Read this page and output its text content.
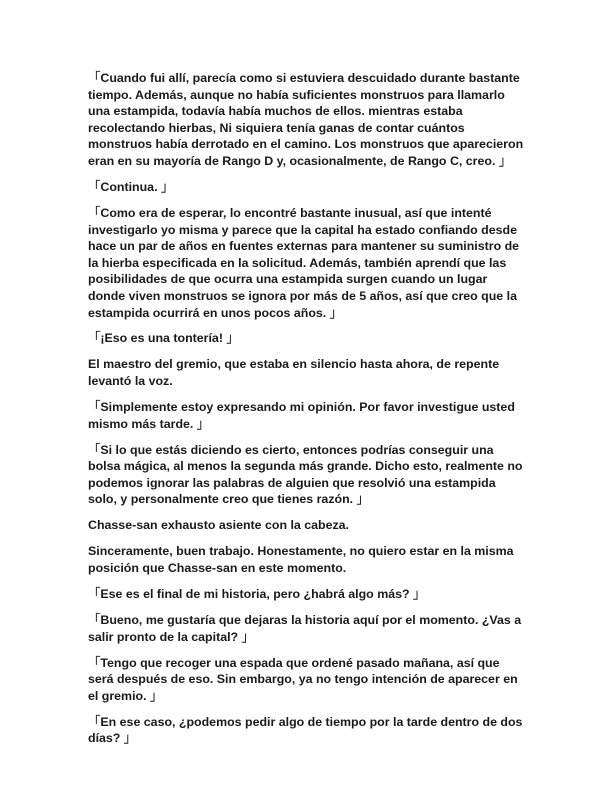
「Cuando fui allí, parecía como si estuviera descuidado durante bastante tiempo. Además, aunque no había suficientes monstruos para llamarlo una estampida, todavía había muchos de ellos. mientras estaba recolectando hierbas, Ni siquiera tenía ganas de contar cuántos monstruos había derrotado en el camino. Los monstruos que aparecieron eran en su mayoría de Rango D y, ocasionalmente, de Rango C, creo. 」

「Continua. 」

「Como era de esperar, lo encontré bastante inusual, así que intenté investigarlo yo misma y parece que la capital ha estado confiando desde hace un par de años en fuentes externas para mantener su suministro de la hierba especificada en la solicitud. Además, también aprendí que las posibilidades de que ocurra una estampida surgen cuando un lugar donde viven monstruos se ignora por más de 5 años, así que creo que la estampida ocurrirá en unos pocos años. 」

「¡Eso es una tontería! 」

El maestro del gremio, que estaba en silencio hasta ahora, de repente levantó la voz.

「Simplemente estoy expresando mi opinión. Por favor investigue usted mismo más tarde. 」

「Si lo que estás diciendo es cierto, entonces podrías conseguir una bolsa mágica, al menos la segunda más grande. Dicho esto, realmente no podemos ignorar las palabras de alguien que resolvió una estampida solo, y personalmente creo que tienes razón. 」

Chasse-san exhausto asiente con la cabeza.

Sinceramente, buen trabajo. Honestamente, no quiero estar en la misma posición que Chasse-san en este momento.

「Ese es el final de mi historia, pero ¿habrá algo más? 」

「Bueno, me gustaría que dejaras la historia aquí por el momento. ¿Vas a salir pronto de la capital? 」

「Tengo que recoger una espada que ordené pasado mañana, así que será después de eso. Sin embargo, ya no tengo intención de aparecer en el gremio. 」

「En ese caso, ¿podemos pedir algo de tiempo por la tarde dentro de dos días? 」
